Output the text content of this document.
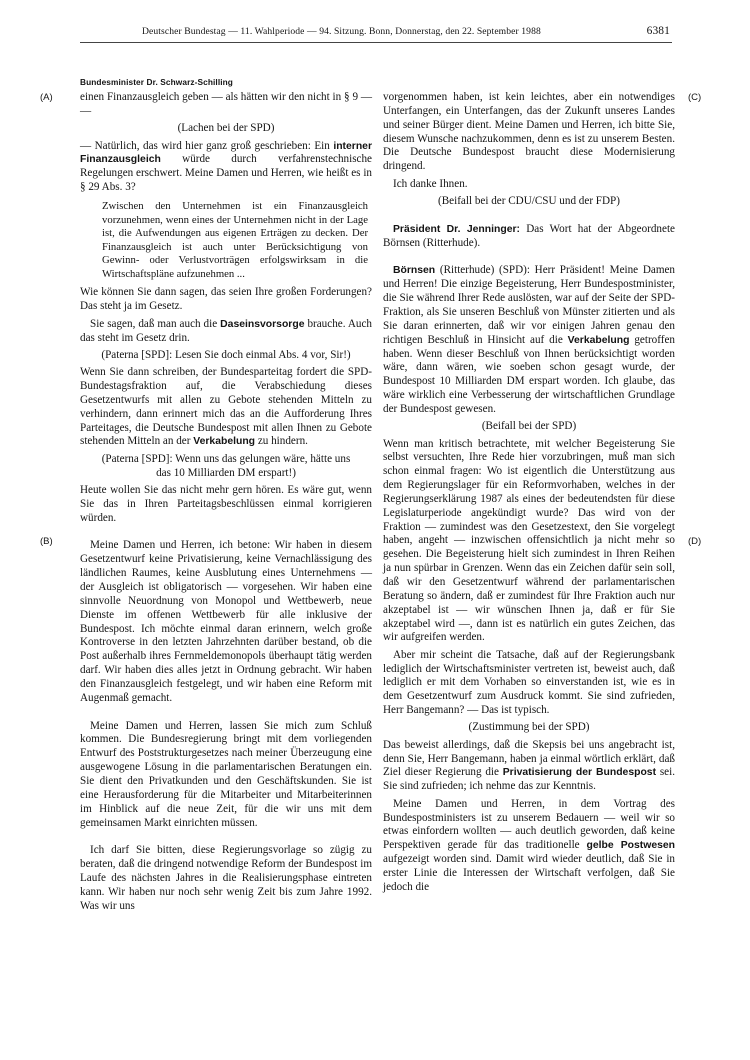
Deutscher Bundestag — 11. Wahlperiode — 94. Sitzung. Bonn, Donnerstag, den 22. September 1988	6381
Bundesminister Dr. Schwarz-Schilling
(A)
(B)
(C)
(D)

einen Finanzausgleich geben — als hätten wir den nicht in § 9 — —

(Lachen bei der SPD)

— Natürlich, das wird hier ganz groß geschrieben: Ein interner Finanzausgleich würde durch verfahrenstechnische Regelungen erschwert. Meine Damen und Herren, wie heißt es in § 29 Abs. 3?

Zwischen den Unternehmen ist ein Finanzausgleich vorzunehmen, wenn eines der Unternehmen nicht in der Lage ist, die Aufwendungen aus eigenen Erträgen zu decken. Der Finanzausgleich ist auch unter Berücksichtigung von Gewinn- oder Verlustvorträgen erfolgswirksam in die Wirtschaftspläne aufzunehmen ...

Wie können Sie dann sagen, das seien Ihre großen Forderungen? Das steht ja im Gesetz.

Sie sagen, daß man auch die Daseinsvorsorge brauche. Auch das steht im Gesetz drin.

(Paterna [SPD]: Lesen Sie doch einmal Abs. 4 vor, Sir!)

Wenn Sie dann schreiben, der Bundesparteitag fordert die SPD-Bundestagsfraktion auf, die Verabschiedung dieses Gesetzentwurfs mit allen zu Gebote stehenden Mitteln zu verhindern, dann erinnert mich das an die Aufforderung Ihres Parteitages, die Deutsche Bundespost mit allen Ihnen zu Gebote stehenden Mitteln an der Verkabelung zu hindern.

(Paterna [SPD]: Wenn uns das gelungen wäre, hätte uns das 10 Milliarden DM erspart!)

Heute wollen Sie das nicht mehr gern hören. Es wäre gut, wenn Sie das in Ihren Parteitagsbeschlüssen einmal korrigieren würden.

Meine Damen und Herren, ich betone: Wir haben in diesem Gesetzentwurf keine Privatisierung, keine Vernachlässigung des ländlichen Raumes, keine Ausblutung eines Unternehmens — der Ausgleich ist obligatorisch — vorgesehen. Wir haben eine sinnvolle Neuordnung von Monopol und Wettbewerb, neue Dienste im offenen Wettbewerb für alle inklusive der Bundespost. Ich möchte einmal daran erinnern, welch große Kontroverse in den letzten Jahrzehnten darüber bestand, ob die Post außerhalb ihres Fernmeldemonopols überhaupt tätig werden darf. Wir haben dies alles jetzt in Ordnung gebracht. Wir haben den Finanzausgleich festgelegt, und wir haben eine Reform mit Augenmaß gemacht.

Meine Damen und Herren, lassen Sie mich zum Schluß kommen. Die Bundesregierung bringt mit dem vorliegenden Entwurf des Poststrukturgesetzes nach meiner Überzeugung eine ausgewogene Lösung in die parlamentarischen Beratungen ein. Sie dient den Privatkunden und den Geschäftskunden. Sie ist eine Herausforderung für die Mitarbeiter und Mitarbeiterinnen im Hinblick auf die neue Zeit, für die wir uns mit dem gemeinsamen Markt einrichten müssen.

Ich darf Sie bitten, diese Regierungsvorlage so zügig zu beraten, daß die dringend notwendige Reform der Bundespost im Laufe des nächsten Jahres in die Realisierungsphase eintreten kann. Wir haben nur noch sehr wenig Zeit bis zum Jahre 1992. Was wir uns

vorgenommen haben, ist kein leichtes, aber ein notwendiges Unterfangen, ein Unterfangen, das der Zukunft unseres Landes und seiner Bürger dient. Meine Damen und Herren, ich bitte Sie, diesem Wunsche nachzukommen, denn es ist zu unserem Besten. Die Deutsche Bundespost braucht diese Modernisierung dringend.

Ich danke Ihnen.

(Beifall bei der CDU/CSU und der FDP)

Präsident Dr. Jenninger: Das Wort hat der Abgeordnete Börnsen (Ritterhude).

Börnsen (Ritterhude) (SPD): Herr Präsident! Meine Damen und Herren! Die einzige Begeisterung, Herr Bundespostminister, die Sie während Ihrer Rede auslösten, war auf der Seite der SPD-Fraktion, als Sie unseren Beschluß von Münster zitierten und als Sie daran erinnerten, daß wir vor einigen Jahren genau den richtigen Beschluß in Hinsicht auf die Verkabelung getroffen haben. Wenn dieser Beschluß von Ihnen berücksichtigt worden wäre, dann wären, wie soeben schon gesagt wurde, der Bundespost 10 Milliarden DM erspart worden. Ich glaube, das wäre wirklich eine Verbesserung der wirtschaftlichen Grundlage der Bundespost gewesen.

(Beifall bei der SPD)

Wenn man kritisch betrachtete, mit welcher Begeisterung Sie selbst versuchten, Ihre Rede hier vorzubringen, muß man sich schon einmal fragen: Wo ist eigentlich die Unterstützung aus dem Regierungslager für ein Reformvorhaben, welches in der Regierungserklärung 1987 als eines der bedeutendsten für diese Legislaturperiode angekündigt wurde? Das wird von der Fraktion — zumindest was den Gesetzestext, den Sie vorgelegt haben, angeht — inzwischen offensichtlich ja nicht mehr so gesehen. Die Begeisterung hielt sich zumindest in Ihren Reihen ja nun spürbar in Grenzen. Wenn das ein Zeichen dafür sein soll, daß wir den Gesetzentwurf während der parlamentarischen Beratung so ändern, daß er zumindest für Ihre Fraktion auch nur akzeptabel ist — wir wünschen Ihnen ja, daß er für Sie akzeptabel wird —, dann ist es natürlich ein gutes Zeichen, das wir aufgreifen werden.

Aber mir scheint die Tatsache, daß auf der Regierungsbank lediglich der Wirtschaftsminister vertreten ist, beweist auch, daß lediglich er mit dem Vorhaben so einverstanden ist, wie es in dem Gesetzentwurf zum Ausdruck kommt. Sie sind zufrieden, Herr Bangemann? — Das ist typisch.

(Zustimmung bei der SPD)

Das beweist allerdings, daß die Skepsis bei uns angebracht ist, denn Sie, Herr Bangemann, haben ja einmal wörtlich erklärt, daß Ziel dieser Regierung die Privatisierung der Bundespost sei. Sie sind zufrieden; ich nehme das zur Kenntnis.

Meine Damen und Herren, in dem Vortrag des Bundespostministers ist zu unserem Bedauern — weil wir so etwas einfordern wollten — auch deutlich geworden, daß keine Perspektiven gerade für das traditionelle gelbe Postwesen aufgezeigt worden sind. Damit wird wieder deutlich, daß Sie in erster Linie die Interessen der Wirtschaft verfolgen, daß Sie jedoch die
